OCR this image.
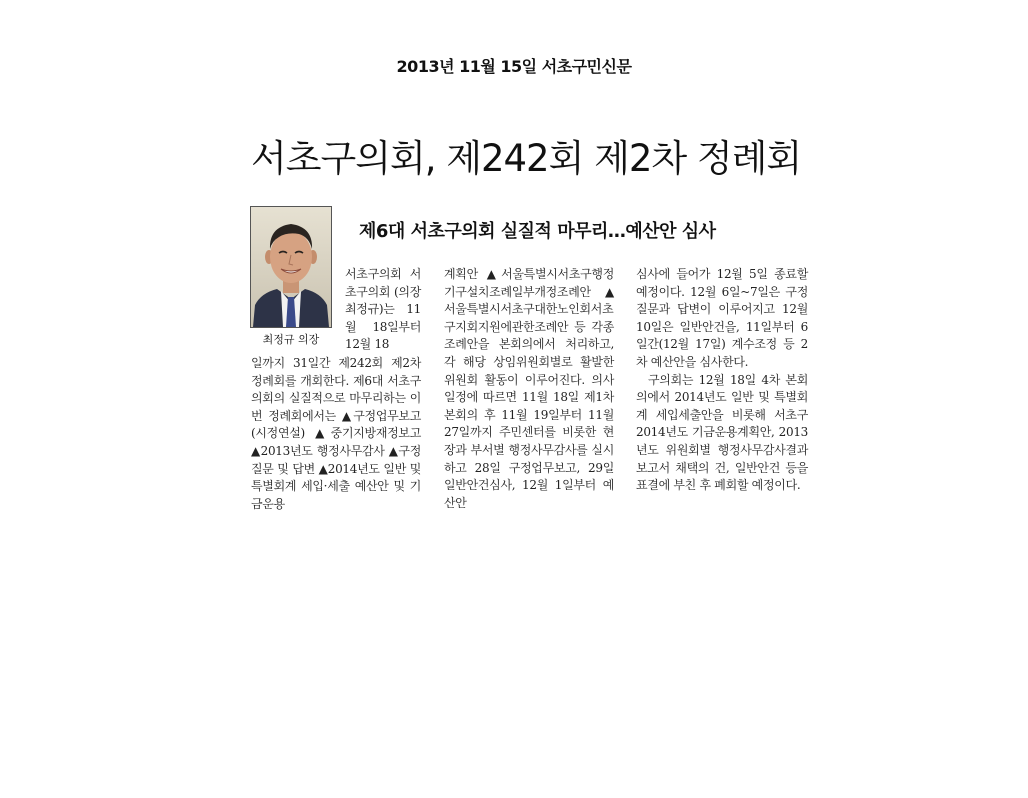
2013년 11월 15일 서초구민신문
서초구의회, 제242회 제2차 정례회
최정규 의장
제6대 서초구의회 실질적 마무리…예산안 심사

서초구의회 서초구의회 (의장 최정규)는 11월 18일부터 12월 18

일까지 31일간 제242회 제2차 정례회를 개회한다. 제6대 서초구의회의 실질적으로 마무리하는 이번 정례회에서는 ▲구정업무보고(시정연설) ▲중기지방재정보고 ▲2013년도 행정사무감사 ▲구정질문 및 답변 ▲2014년도 일반 및 특별회계 세입·세출 예산안 및 기금운용

계획안 ▲서울특별시서초구행정기구설치조례일부개정조례안 ▲서울특별시서초구대한노인회서초구지회지원에관한조례안 등 각종 조례안을 본회의에서 처리하고, 각 해당 상임위원회별로 활발한 위원회 활동이 이루어진다. 의사일정에 따르면 11월 18일 제1차 본회의 후 11월 19일부터 11월 27일까지 주민센터를 비롯한 현장과 부서별 행정사무감사를 실시하고 28일 구정업무보고, 29일 일반안건심사, 12월 1일부터 예산안

심사에 들어가 12월 5일 종료할 예정이다. 12월 6일~7일은 구정질문과 답변이 이루어지고 12월 10일은 일반안건을, 11일부터 6일간(12월 17일) 계수조정 등 2차 예산안을 심사한다.
구의회는 12월 18일 4차 본회의에서 2014년도 일반 및 특별회계 세입세출안을 비롯해 서초구 2014년도 기금운용계획안, 2013년도 위원회별 행정사무감사결과보고서 채택의 건, 일반안건 등을 표결에 부친 후 폐회할 예정이다.
